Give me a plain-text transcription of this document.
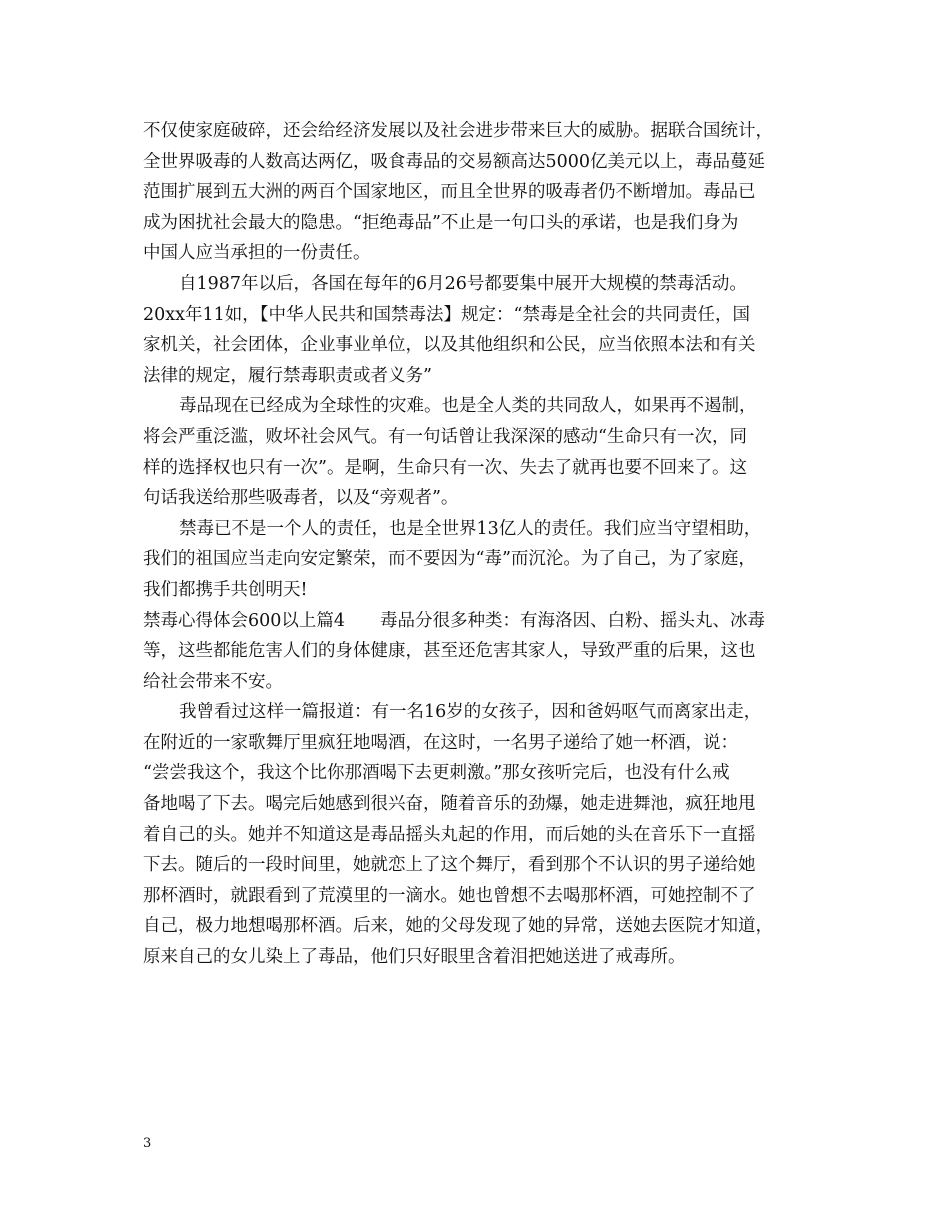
不仅使家庭破碎，还会给经济发展以及社会进步带来巨大的威胁。据联合国统计，
全世界吸毒的人数高达两亿，吸食毒品的交易额高达5000亿美元以上，毒品蔓延
范围扩展到五大洲的两百个国家地区，而且全世界的吸毒者仍不断增加。毒品已
成为困扰社会最大的隐患。“拒绝毒品”不止是一句口头的承诺，也是我们身为
中国人应当承担的一份责任。
自1987年以后，各国在每年的6月26号都要集中展开大规模的禁毒活动。
20xx年11如，【中华人民共和国禁毒法】规定：“禁毒是全社会的共同责任，国
家机关，社会团体，企业事业单位，以及其他组织和公民，应当依照本法和有关
法律的规定，履行禁毒职责或者义务”
毒品现在已经成为全球性的灾难。也是全人类的共同敌人，如果再不遏制，
将会严重泛滥，败坏社会风气。有一句话曾让我深深的感动“生命只有一次，同
样的选择权也只有一次”。是啊，生命只有一次、失去了就再也要不回来了。这
句话我送给那些吸毒者，以及“旁观者”。
禁毒已不是一个人的责任，也是全世界13亿人的责任。我们应当守望相助，
我们的祖国应当走向安定繁荣，而不要因为“毒”而沉沦。为了自己，为了家庭，
我们都携手共创明天!
禁毒心得体会600以上篇4　　毒品分很多种类：有海洛因、白粉、摇头丸、冰毒
等，这些都能危害人们的身体健康，甚至还危害其家人，导致严重的后果，这也
给社会带来不安。
我曾看过这样一篇报道：有一名16岁的女孩子，因和爸妈呕气而离家出走，
在附近的一家歌舞厅里疯狂地喝酒，在这时，一名男子递给了她一杯酒，说：
“尝尝我这个，我这个比你那酒喝下去更刺激。”那女孩听完后，也没有什么戒
备地喝了下去。喝完后她感到很兴奋，随着音乐的劲爆，她走进舞池，疯狂地甩
着自己的头。她并不知道这是毒品摇头丸起的作用，而后她的头在音乐下一直摇
下去。随后的一段时间里，她就恋上了这个舞厅，看到那个不认识的男子递给她
那杯酒时，就跟看到了荒漠里的一滴水。她也曾想不去喝那杯酒，可她控制不了
自己，极力地想喝那杯酒。后来，她的父母发现了她的异常，送她去医院才知道，
原来自己的女儿染上了毒品，他们只好眼里含着泪把她送进了戒毒所。
3
